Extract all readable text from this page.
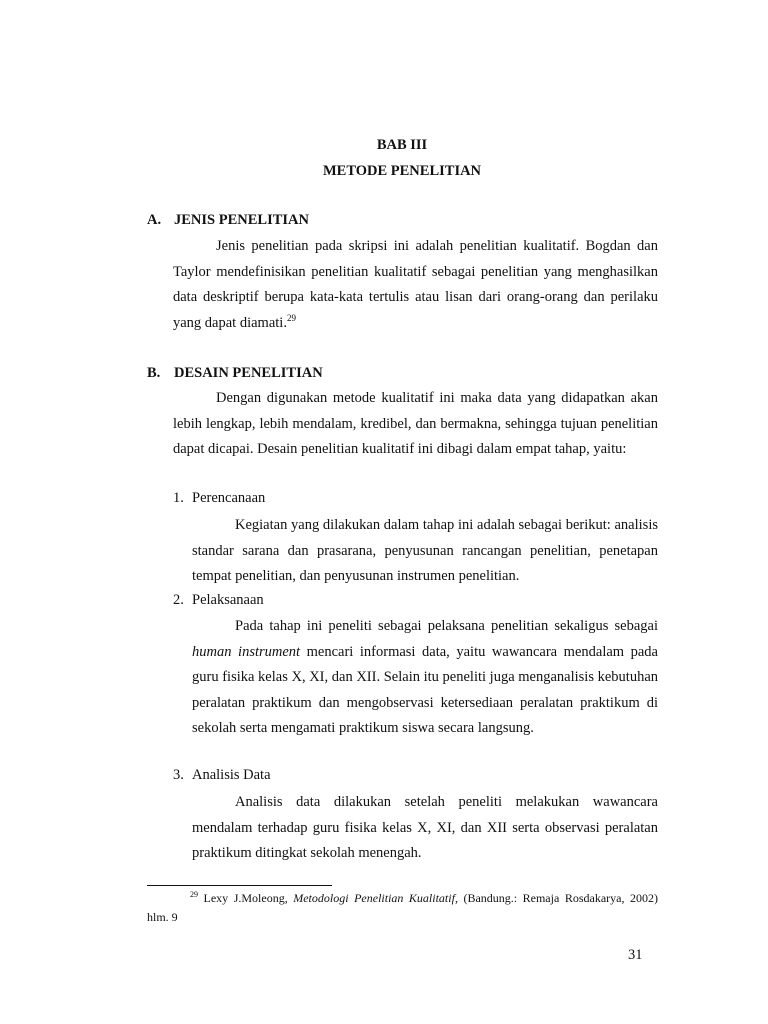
BAB III
METODE PENELITIAN
A. JENIS PENELITIAN
Jenis penelitian pada skripsi ini adalah penelitian kualitatif. Bogdan dan Taylor mendefinisikan penelitian kualitatif sebagai penelitian yang menghasilkan data deskriptif berupa kata-kata tertulis atau lisan dari orang-orang dan perilaku yang dapat diamati.$^{29}$
B. DESAIN PENELITIAN
Dengan digunakan metode kualitatif ini maka data yang didapatkan akan lebih lengkap, lebih mendalam, kredibel, dan bermakna, sehingga tujuan penelitian dapat dicapai. Desain penelitian kualitatif ini dibagi dalam empat tahap, yaitu:
1. Perencanaan
Kegiatan yang dilakukan dalam tahap ini adalah sebagai berikut: analisis standar sarana dan prasarana, penyusunan rancangan penelitian, penetapan tempat penelitian, dan penyusunan instrumen penelitian.
2. Pelaksanaan
Pada tahap ini peneliti sebagai pelaksana penelitian sekaligus sebagai human instrument mencari informasi data, yaitu wawancara mendalam pada guru fisika kelas X, XI, dan XII. Selain itu peneliti juga menganalisis kebutuhan peralatan praktikum dan mengobservasi ketersediaan peralatan praktikum di sekolah serta mengamati praktikum siswa secara langsung.
3. Analisis Data
Analisis data dilakukan setelah peneliti melakukan wawancara mendalam terhadap guru fisika kelas X, XI, dan XII serta observasi peralatan praktikum ditingkat sekolah menengah.
$^{29}$ Lexy J.Moleong, Metodologi Penelitian Kualitatif, (Bandung.: Remaja Rosdakarya, 2002) hlm. 9
31
